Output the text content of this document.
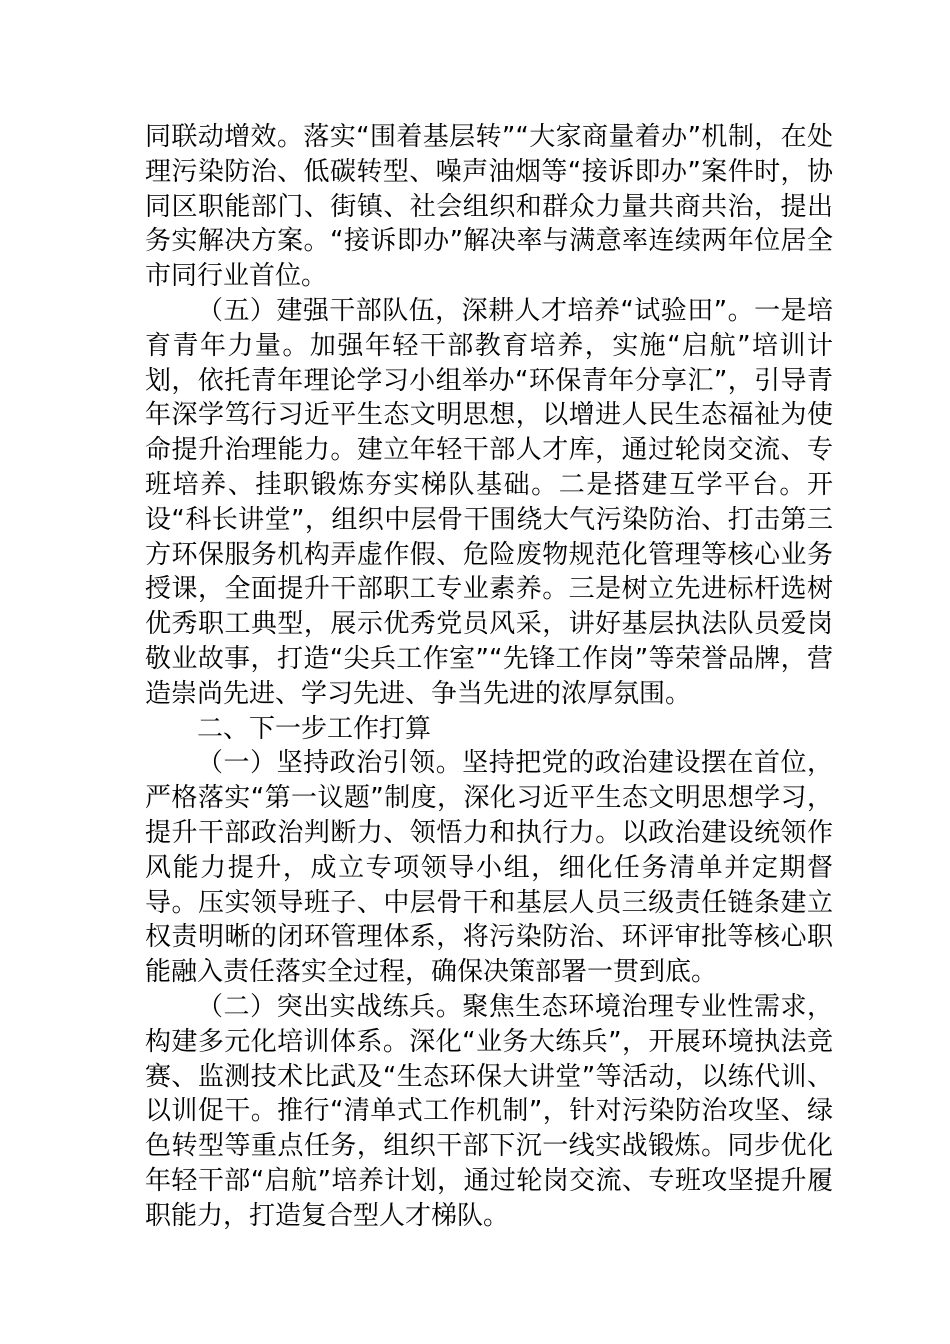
同联动增效。落实“围着基层转”“大家商量着办”机制，在处理污染防治、低碳转型、噪声油烟等“接诉即办”案件时，协同区职能部门、街镇、社会组织和群众力量共商共治，提出务实解决方案。“接诉即办”解决率与满意率连续两年位居全市同行业首位。

（五）建强干部队伍，深耕人才培养“试验田”。一是培育青年力量。加强年轻干部教育培养，实施“启航”培训计划，依托青年理论学习小组举办“环保青年分享汇”，引导青年深学笃行习近平生态文明思想，以增进人民生态福祉为使命提升治理能力。建立年轻干部人才库，通过轮岗交流、专班培养、挂职锻炼夯实梯队基础。二是搭建互学平台。开设“科长讲堂”，组织中层骨干围绕大气污染防治、打击第三方环保服务机构弄虚作假、危险废物规范化管理等核心业务授课，全面提升干部职工专业素养。三是树立先进标杆选树优秀职工典型，展示优秀党员风采，讲好基层执法队员爱岗敬业故事，打造“尖兵工作室”“先锋工作岗”等荣誉品牌，营造崇尚先进、学习先进、争当先进的浓厚氛围。

二、下一步工作打算

（一）坚持政治引领。坚持把党的政治建设摆在首位，严格落实“第一议题”制度，深化习近平生态文明思想学习，提升干部政治判断力、领悟力和执行力。以政治建设统领作风能力提升，成立专项领导小组，细化任务清单并定期督导。压实领导班子、中层骨干和基层人员三级责任链条建立权责明晰的闭环管理体系，将污染防治、环评审批等核心职能融入责任落实全过程，确保决策部署一贯到底。

（二）突出实战练兵。聚焦生态环境治理专业性需求，构建多元化培训体系。深化“业务大练兵”，开展环境执法竞赛、监测技术比武及“生态环保大讲堂”等活动，以练代训、以训促干。推行“清单式工作机制”，针对污染防治攻坚、绿色转型等重点任务，组织干部下沉一线实战锻炼。同步优化年轻干部“启航”培养计划，通过轮岗交流、专班攻坚提升履职能力，打造复合型人才梯队。
